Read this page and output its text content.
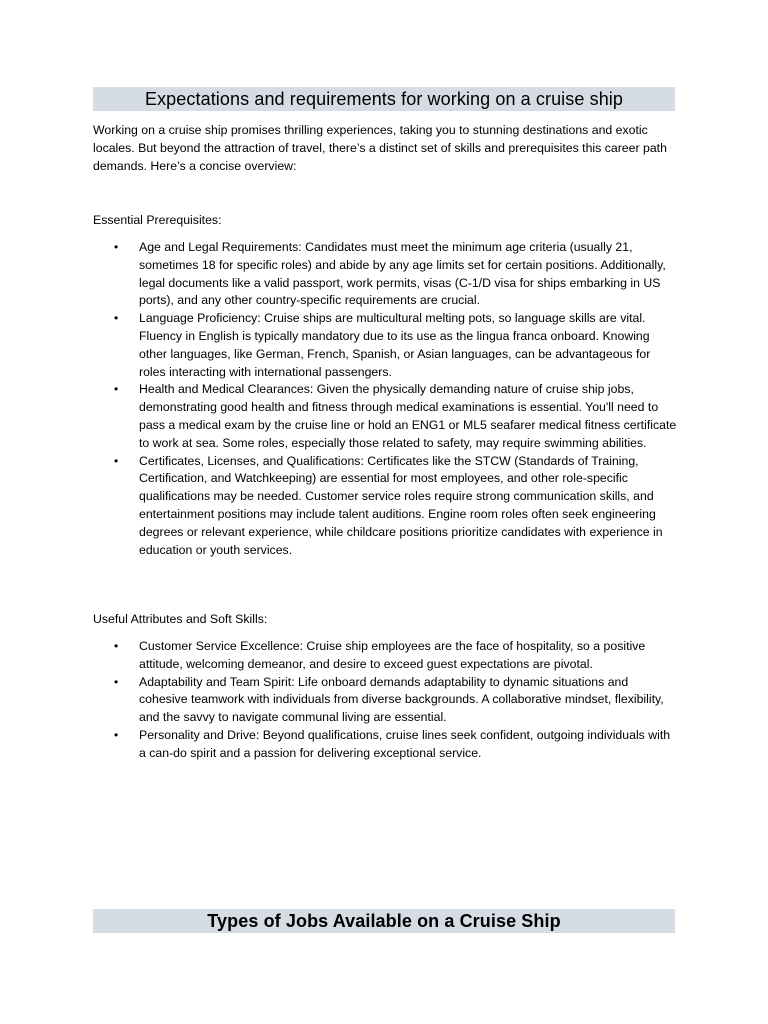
Expectations and requirements for working on a cruise ship

Working on a cruise ship promises thrilling experiences, taking you to stunning destinations and exotic locales. But beyond the attraction of travel, there’s a distinct set of skills and prerequisites this career path demands. Here’s a concise overview:

Essential Prerequisites:

• Age and Legal Requirements: Candidates must meet the minimum age criteria (usually 21, sometimes 18 for specific roles) and abide by any age limits set for certain positions. Additionally, legal documents like a valid passport, work permits, visas (C-1/D visa for ships embarking in US ports), and any other country-specific requirements are crucial.
• Language Proficiency: Cruise ships are multicultural melting pots, so language skills are vital. Fluency in English is typically mandatory due to its use as the lingua franca onboard. Knowing other languages, like German, French, Spanish, or Asian languages, can be advantageous for roles interacting with international passengers.
• Health and Medical Clearances: Given the physically demanding nature of cruise ship jobs, demonstrating good health and fitness through medical examinations is essential. You'll need to pass a medical exam by the cruise line or hold an ENG1 or ML5 seafarer medical fitness certificate to work at sea. Some roles, especially those related to safety, may require swimming abilities.
• Certificates, Licenses, and Qualifications: Certificates like the STCW (Standards of Training, Certification, and Watchkeeping) are essential for most employees, and other role-specific qualifications may be needed. Customer service roles require strong communication skills, and entertainment positions may include talent auditions. Engine room roles often seek engineering degrees or relevant experience, while childcare positions prioritize candidates with experience in education or youth services.

Useful Attributes and Soft Skills:

• Customer Service Excellence: Cruise ship employees are the face of hospitality, so a positive attitude, welcoming demeanor, and desire to exceed guest expectations are pivotal.
• Adaptability and Team Spirit: Life onboard demands adaptability to dynamic situations and cohesive teamwork with individuals from diverse backgrounds. A collaborative mindset, flexibility, and the savvy to navigate communal living are essential.
• Personality and Drive: Beyond qualifications, cruise lines seek confident, outgoing individuals with a can-do spirit and a passion for delivering exceptional service.
Types of Jobs Available on a Cruise Ship
